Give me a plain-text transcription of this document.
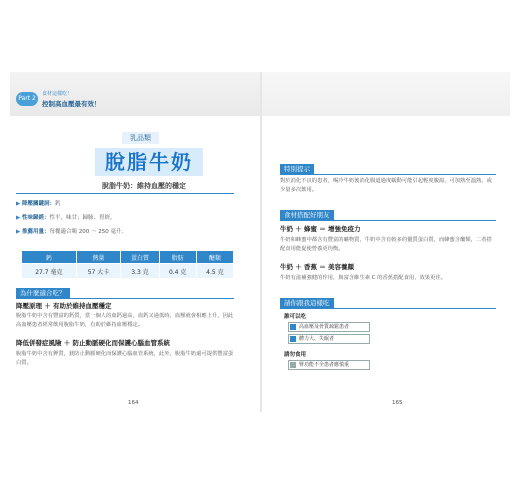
Part 2
食材這樣吃！
控制高血壓最有效！
乳品類
脫脂牛奶
脫脂牛奶：維持血壓的穩定
▶ 降壓關鍵詞：鈣
▶ 性味歸經：性平，味甘；歸肺、胃經。
▶ 推薦用量：每餐適合喝 200 ～ 250 毫升。
鈣	熱量	蛋白質	脂肪	醣類
27.7 毫克	57 大卡	3.3 克	0.4 克	4.5 克
為什麼適合吃？
降壓原理 ＋ 有助於維持血壓穩定
脫脂牛奶中含有豐富的鈣質，當一個人的血鈣過高，血鈣又過低時，血壓就會相應上升，因此高血壓患者經常飲用脫脂牛奶，有助於維持血壓穩定。
降低併發症風險 ＋ 防止動脈硬化而保護心腦血管系統
脫脂牛奶中含有鉀質，鎂防止動脈硬化而保護心腦血管系統，此外，脫脂牛奶還可提供豐富蛋白質。
164
特別提示
對於消化不良的患者，喝冷牛奶後消化腸道過度蠕動可能引起輕度腹瀉，可加熱至溫熱，或少量多次飲用。
食材搭配好朋友
牛奶 ＋ 蜂蜜 ＝ 增強免疫力
牛奶和蜂蜜中都含有豐富的礦物質，牛奶中含有較多的優質蛋白質，而蜂蜜含醣類，二者搭配食用能促使營養更均衡。
牛奶 ＋ 香蕉 ＝ 美容養顏
牛奶有滋補強健的作用，與富含維生素 C 的香蕉搭配食用，效果更佳。
請你跟我這樣吃
誰可以吃
高血壓及骨質疏鬆患者
體力大、失眠者
請勿食用
腎功能不全患者應慎重
165
